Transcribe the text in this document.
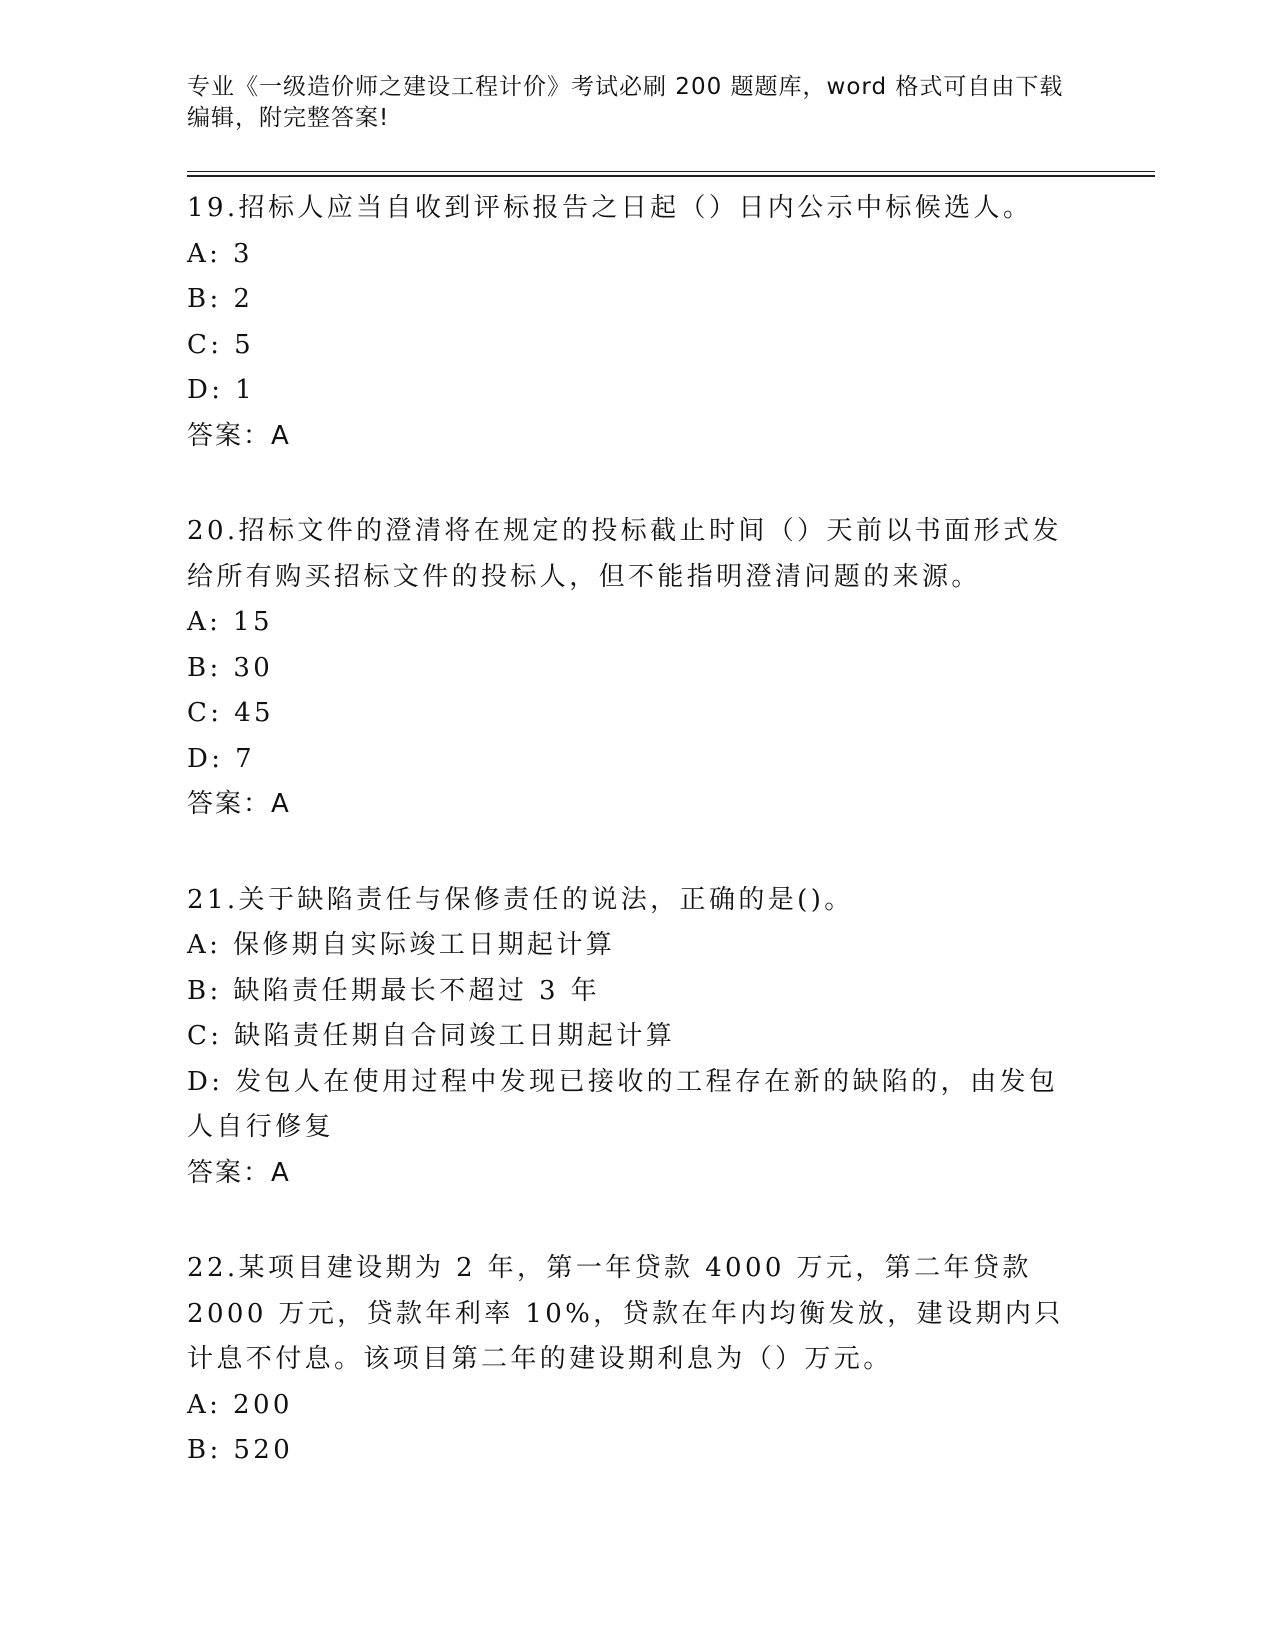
专业《一级造价师之建设工程计价》考试必刷 200 题题库，word 格式可自由下载
编辑，附完整答案!
19.招标人应当自收到评标报告之日起（）日内公示中标候选人。
A: 3
B: 2
C: 5
D: 1
答案：A
20.招标文件的澄清将在规定的投标截止时间（）天前以书面形式发给所有购买招标文件的投标人，但不能指明澄清问题的来源。
A: 15
B: 30
C: 45
D: 7
答案：A
21.关于缺陷责任与保修责任的说法，正确的是()。
A: 保修期自实际竣工日期起计算
B: 缺陷责任期最长不超过 3 年
C: 缺陷责任期自合同竣工日期起计算
D: 发包人在使用过程中发现已接收的工程存在新的缺陷的，由发包人自行修复
答案：A
22.某项目建设期为 2 年，第一年贷款 4000 万元，第二年贷款 2000 万元，贷款年利率 10%，贷款在年内均衡发放，建设期内只计息不付息。该项目第二年的建设期利息为（）万元。
A: 200
B: 520
